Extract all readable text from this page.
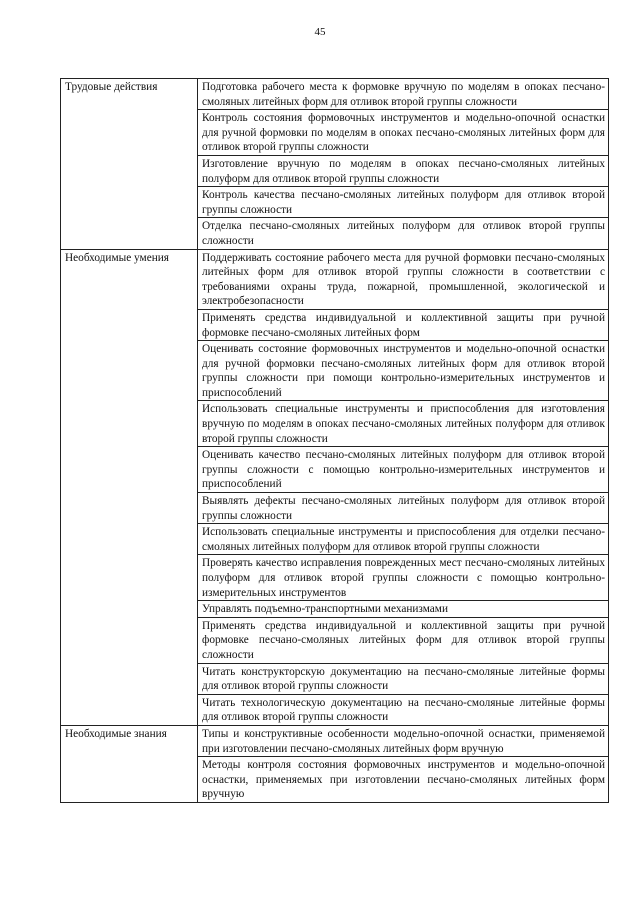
45
Трудовые действия	Подготовка рабочего места к формовке вручную по моделям в опоках песчано-смоляных литейных форм для отливок второй группы сложности
	Контроль состояния формовочных инструментов и модельно-опочной оснастки для ручной формовки по моделям в опоках песчано-смоляных литейных форм для отливок второй группы сложности
	Изготовление вручную по моделям в опоках песчано-смоляных литейных полуформ для отливок второй группы сложности
	Контроль качества песчано-смоляных литейных полуформ для отливок второй группы сложности
	Отделка песчано-смоляных литейных полуформ для отливок второй группы сложности
Необходимые умения	Поддерживать состояние рабочего места для ручной формовки песчано-смоляных литейных форм для отливок второй группы сложности в соответствии с требованиями охраны труда, пожарной, промышленной, экологической и электробезопасности
	Применять средства индивидуальной и коллективной защиты при ручной формовке песчано-смоляных литейных форм
	Оценивать состояние формовочных инструментов и модельно-опочной оснастки для ручной формовки песчано-смоляных литейных форм для отливок второй группы сложности при помощи контрольно-измерительных инструментов и приспособлений
	Использовать специальные инструменты и приспособления для изготовления вручную по моделям в опоках песчано-смоляных литейных полуформ для отливок второй группы сложности
	Оценивать качество песчано-смоляных литейных полуформ для отливок второй группы сложности с помощью контрольно-измерительных инструментов и приспособлений
	Выявлять дефекты песчано-смоляных литейных полуформ для отливок второй группы сложности
	Использовать специальные инструменты и приспособления для отделки песчано-смоляных литейных полуформ для отливок второй группы сложности
	Проверять качество исправления поврежденных мест песчано-смоляных литейных полуформ для отливок второй группы сложности с помощью контрольно-измерительных инструментов
	Управлять подъемно-транспортными механизмами
	Применять средства индивидуальной и коллективной защиты при ручной формовке песчано-смоляных литейных форм для отливок второй группы сложности
	Читать конструкторскую документацию на песчано-смоляные литейные формы для отливок второй группы сложности
	Читать технологическую документацию на песчано-смоляные литейные формы для отливок второй группы сложности
Необходимые знания	Типы и конструктивные особенности модельно-опочной оснастки, применяемой при изготовлении песчано-смоляных литейных форм вручную
	Методы контроля состояния формовочных инструментов и модельно-опочной оснастки, применяемых при изготовлении песчано-смоляных литейных форм вручную
